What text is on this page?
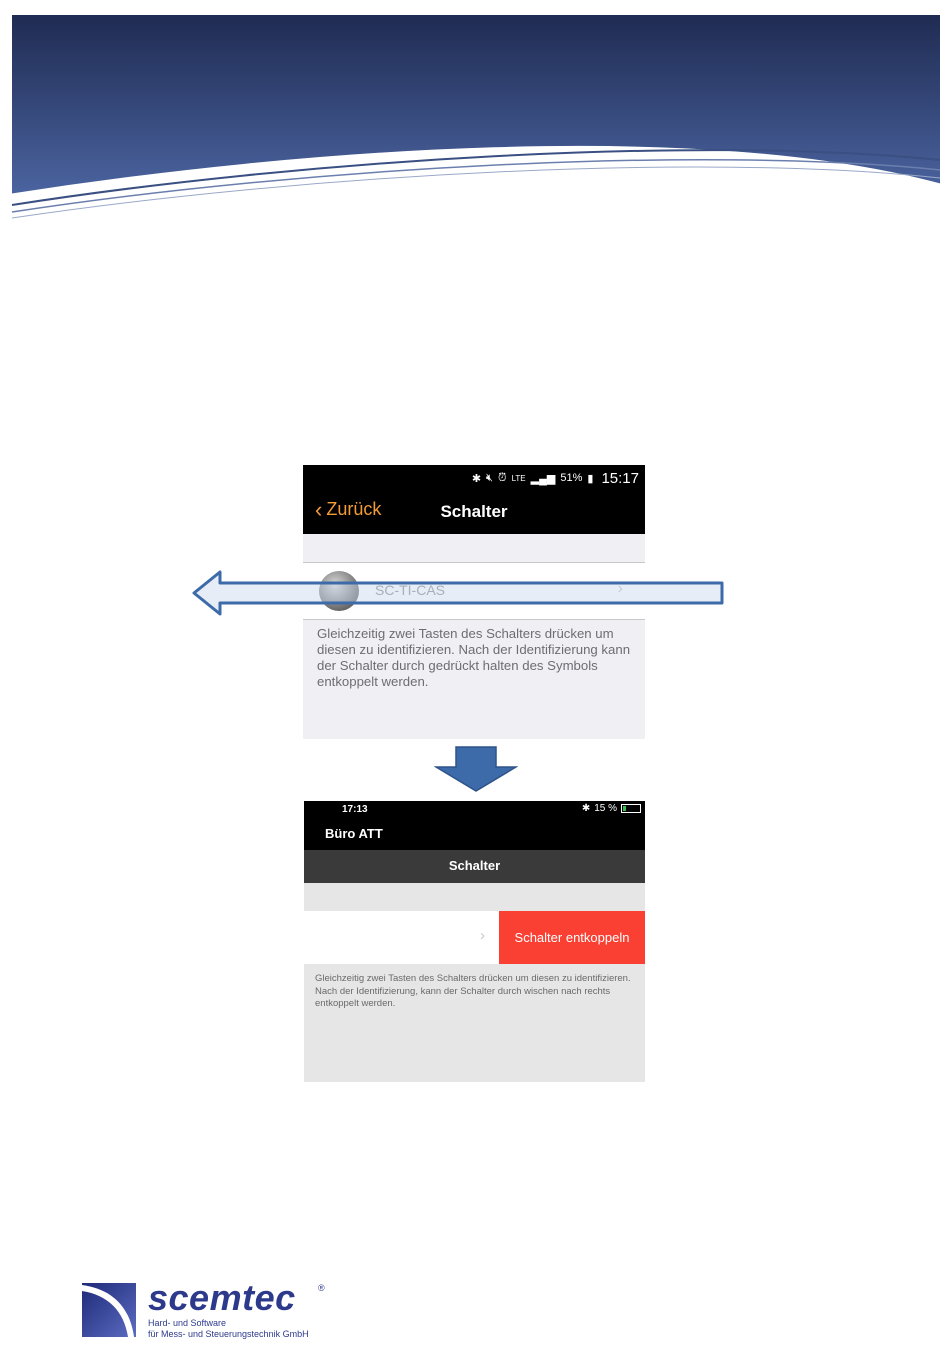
✱ 🔇︎ ⏰︎ LTE ▂▄▆ 51% ▮ 15:17
‹ Zurück	Schalter
Gleichzeitig zwei Tasten des Schalters drücken um diesen zu identifizieren. Nach der Identifizierung kann der Schalter durch gedrückt halten des Symbols entkoppelt werden.
17:13	✱ 15 %
Büro ATT
Schalter
›	Schalter entkoppeln
Gleichzeitig zwei Tasten des Schalters drücken um diesen zu identifizieren. Nach der Identifizierung, kann der Schalter durch wischen nach rechts entkoppelt werden.
scemtec ®
Hard- und Software
für Mess- und Steuerungstechnik GmbH
